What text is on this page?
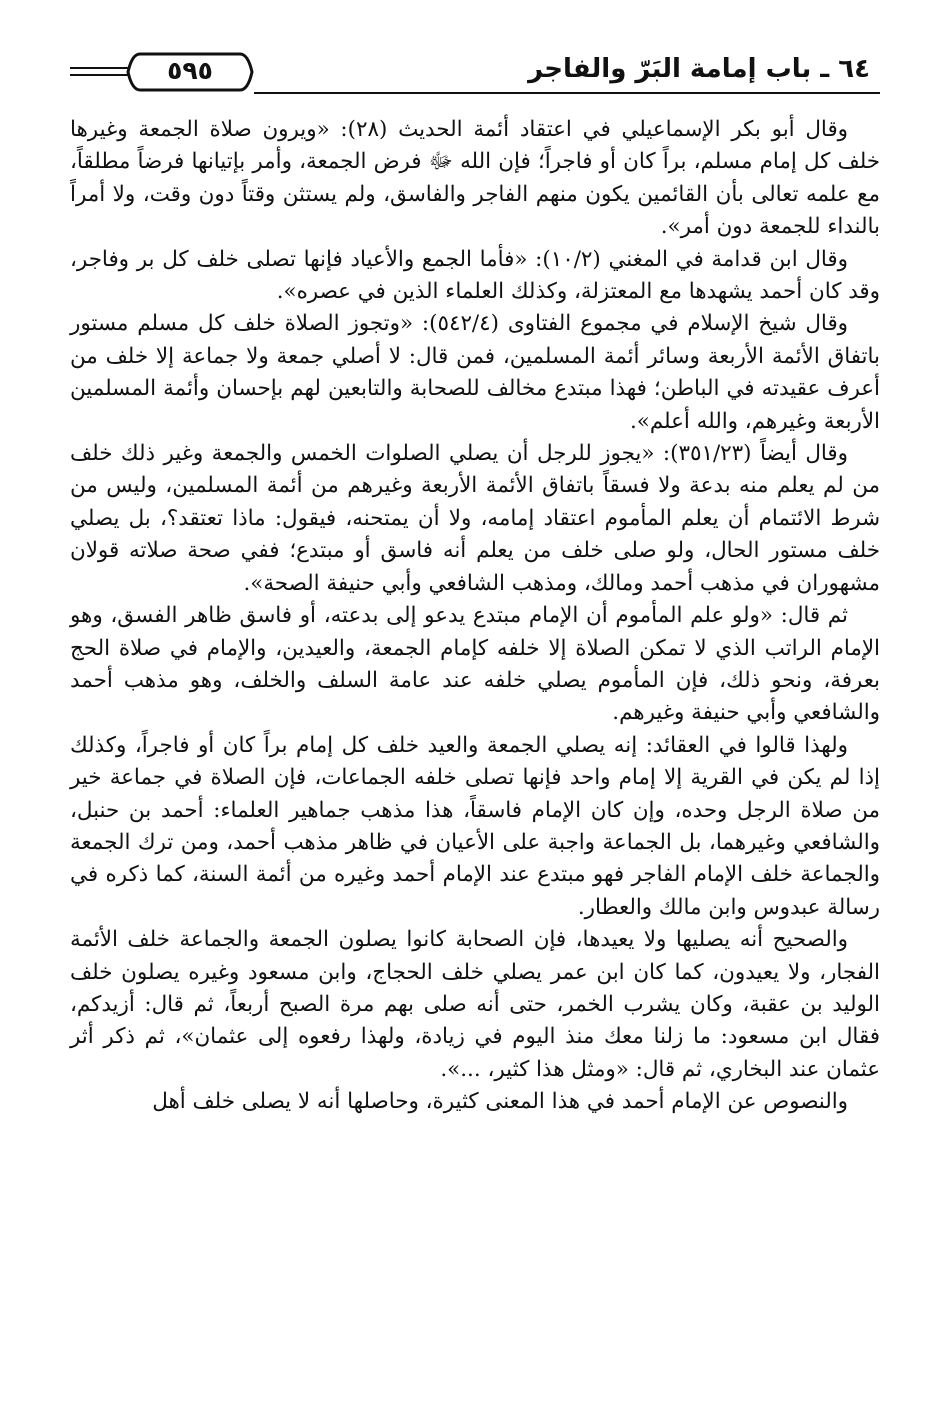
٥٩٥	٦٤ ـ باب إمامة البَرّ والفاجر

وقال أبو بكر الإسماعيلي في اعتقاد أئمة الحديث (٢٨): «ويرون صلاة الجمعة وغيرها خلف كل إمام مسلم، براً كان أو فاجراً؛ فإن الله ﷻ فرض الجمعة، وأمر بإتيانها فرضاً مطلقاً، مع علمه تعالى بأن القائمين يكون منهم الفاجر والفاسق، ولم يستثن وقتاً دون وقت، ولا أمراً بالنداء للجمعة دون أمر».

وقال ابن قدامة في المغني (١٠/٢): «فأما الجمع والأعياد فإنها تصلى خلف كل بر وفاجر، وقد كان أحمد يشهدها مع المعتزلة، وكذلك العلماء الذين في عصره».

وقال شيخ الإسلام في مجموع الفتاوى (٥٤٢/٤): «وتجوز الصلاة خلف كل مسلم مستور باتفاق الأئمة الأربعة وسائر أئمة المسلمين، فمن قال: لا أصلي جمعة ولا جماعة إلا خلف من أعرف عقيدته في الباطن؛ فهذا مبتدع مخالف للصحابة والتابعين لهم بإحسان وأئمة المسلمين الأربعة وغيرهم، والله أعلم».

وقال أيضاً (٣٥١/٢٣): «يجوز للرجل أن يصلي الصلوات الخمس والجمعة وغير ذلك خلف من لم يعلم منه بدعة ولا فسقاً باتفاق الأئمة الأربعة وغيرهم من أئمة المسلمين، وليس من شرط الائتمام أن يعلم المأموم اعتقاد إمامه، ولا أن يمتحنه، فيقول: ماذا تعتقد؟، بل يصلي خلف مستور الحال، ولو صلى خلف من يعلم أنه فاسق أو مبتدع؛ ففي صحة صلاته قولان مشهوران في مذهب أحمد ومالك، ومذهب الشافعي وأبي حنيفة الصحة».

ثم قال: «ولو علم المأموم أن الإمام مبتدع يدعو إلى بدعته، أو فاسق ظاهر الفسق، وهو الإمام الراتب الذي لا تمكن الصلاة إلا خلفه كإمام الجمعة، والعيدين، والإمام في صلاة الحج بعرفة، ونحو ذلك، فإن المأموم يصلي خلفه عند عامة السلف والخلف، وهو مذهب أحمد والشافعي وأبي حنيفة وغيرهم.

ولهذا قالوا في العقائد: إنه يصلي الجمعة والعيد خلف كل إمام براً كان أو فاجراً، وكذلك إذا لم يكن في القرية إلا إمام واحد فإنها تصلى خلفه الجماعات، فإن الصلاة في جماعة خير من صلاة الرجل وحده، وإن كان الإمام فاسقاً، هذا مذهب جماهير العلماء: أحمد بن حنبل، والشافعي وغيرهما، بل الجماعة واجبة على الأعيان في ظاهر مذهب أحمد، ومن ترك الجمعة والجماعة خلف الإمام الفاجر فهو مبتدع عند الإمام أحمد وغيره من أئمة السنة، كما ذكره في رسالة عبدوس وابن مالك والعطار.

والصحيح أنه يصليها ولا يعيدها، فإن الصحابة كانوا يصلون الجمعة والجماعة خلف الأئمة الفجار، ولا يعيدون، كما كان ابن عمر يصلي خلف الحجاج، وابن مسعود وغيره يصلون خلف الوليد بن عقبة، وكان يشرب الخمر، حتى أنه صلى بهم مرة الصبح أربعاً، ثم قال: أزيدكم، فقال ابن مسعود: ما زلنا معك منذ اليوم في زيادة، ولهذا رفعوه إلى عثمان»، ثم ذكر أثر عثمان عند البخاري، ثم قال: «ومثل هذا كثير، ...».

والنصوص عن الإمام أحمد في هذا المعنى كثيرة، وحاصلها أنه لا يصلى خلف أهل
